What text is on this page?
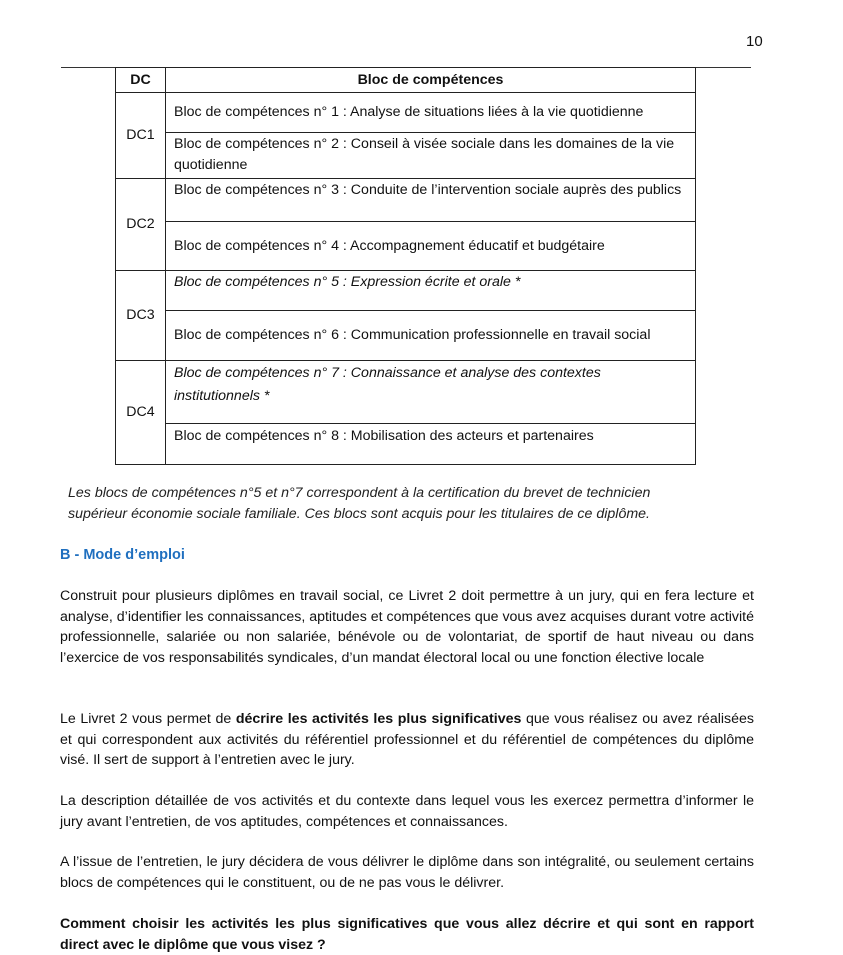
10
DC	Bloc de compétences
DC1	Bloc de compétences n° 1 : Analyse de situations liées à la vie quotidienne
	Bloc de compétences n° 2 : Conseil à visée sociale dans les domaines de la vie quotidienne
DC2	Bloc de compétences n° 3 : Conduite de l’intervention sociale auprès des publics
	Bloc de compétences n° 4 : Accompagnement éducatif et budgétaire
DC3	Bloc de compétences n° 5 : Expression écrite et orale *
	Bloc de compétences n° 6 : Communication professionnelle en travail social
DC4	Bloc de compétences n° 7 : Connaissance et analyse des contextes institutionnels *
	Bloc de compétences n° 8 : Mobilisation des acteurs et partenaires
Les blocs de compétences n°5 et n°7 correspondent à la certification du brevet de technicien supérieur économie sociale familiale. Ces blocs sont acquis pour les titulaires de ce diplôme.
B - Mode d’emploi
Construit pour plusieurs diplômes en travail social, ce Livret 2 doit permettre à un jury, qui en fera lecture et analyse, d’identifier les connaissances, aptitudes et compétences que vous avez acquises durant votre activité professionnelle, salariée ou non salariée, bénévole ou de volontariat, de sportif de haut niveau ou dans l’exercice de vos responsabilités syndicales, d’un mandat électoral local ou une fonction élective locale
Le Livret 2 vous permet de décrire les activités les plus significatives que vous réalisez ou avez réalisées et qui correspondent aux activités du référentiel professionnel et du référentiel de compétences du diplôme visé. Il sert de support à l’entretien avec le jury.
La description détaillée de vos activités et du contexte dans lequel vous les exercez permettra d’informer le jury avant l’entretien, de vos aptitudes, compétences et connaissances.
A l’issue de l’entretien, le jury décidera de vous délivrer le diplôme dans son intégralité, ou seulement certains blocs de compétences qui le constituent, ou de ne pas vous le délivrer.
Comment choisir les activités les plus significatives que vous allez décrire et qui sont en rapport direct avec le diplôme que vous visez ?
